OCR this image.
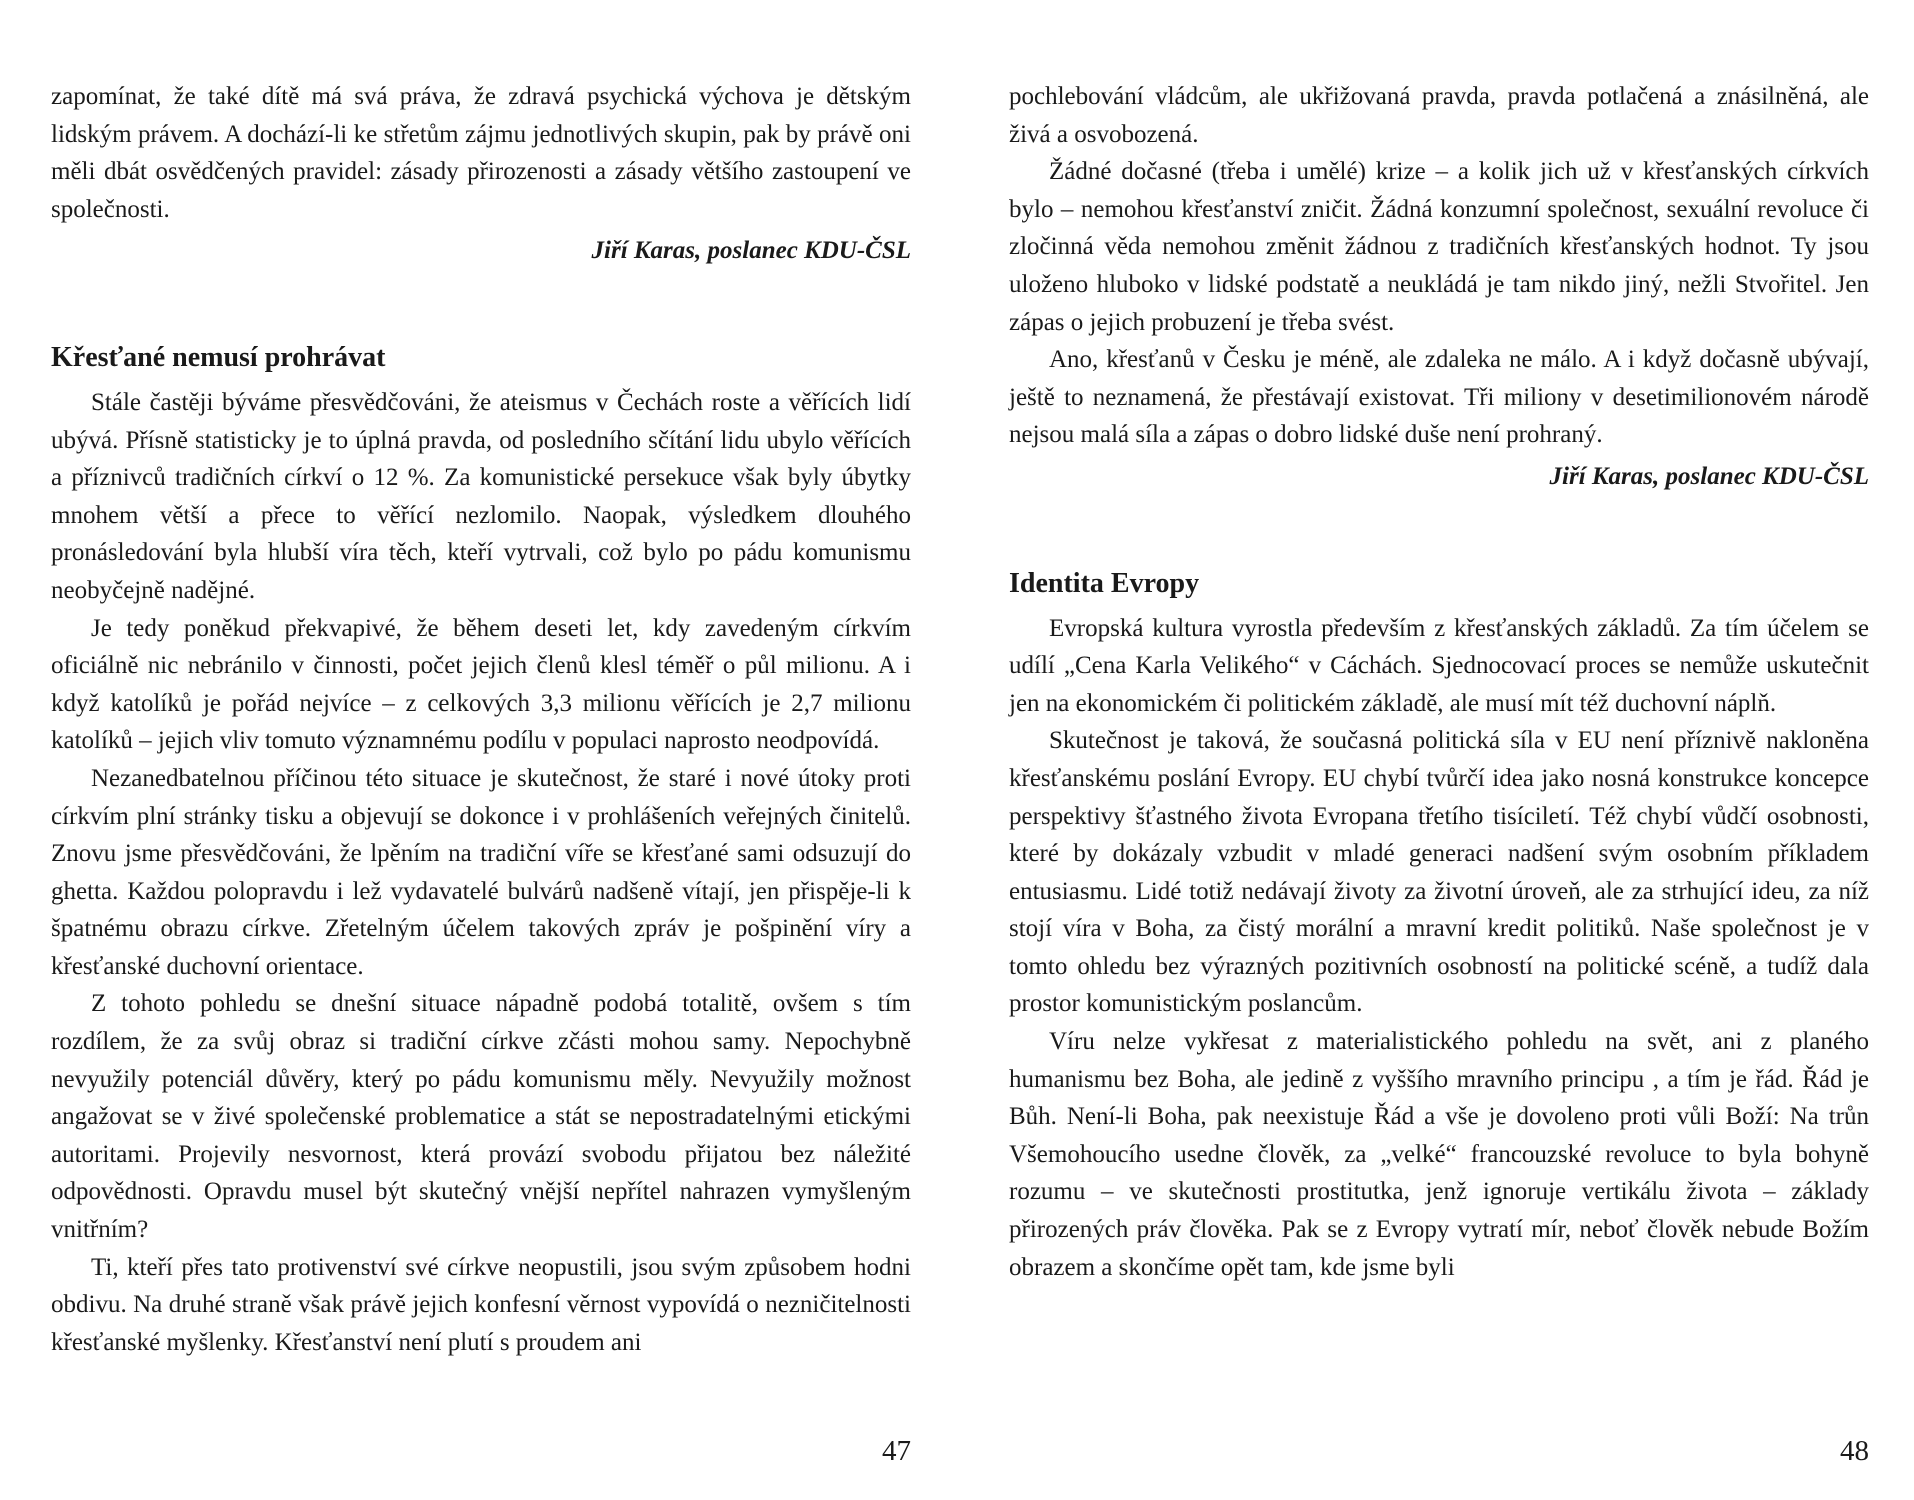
zapomínat, že také dítě má svá práva, že zdravá psychická výchova je dětským lidským právem. A dochází-li ke střetům zájmu jednotlivých skupin, pak by právě oni měli dbát osvědčených pravidel: zásady přirozenosti a zásady většího zastoupení ve společnosti.

Jiří Karas, poslanec KDU-ČSL

Křesťané nemusí prohrávat

Stále častěji býváme přesvědčováni, že ateismus v Čechách roste a věřících lidí ubývá. Přísně statisticky je to úplná pravda, od posledního sčítání lidu ubylo věřících a příznivců tradičních církví o 12 %. Za komunistické persekuce však byly úbytky mnohem větší a přece to věřící nezlomilo. Naopak, výsledkem dlouhého pronásledování byla hlubší víra těch, kteří vytrvali, což bylo po pádu komunismu neobyčejně nadějné.

Je tedy poněkud překvapivé, že během deseti let, kdy zavedeným církvím oficiálně nic nebránilo v činnosti, počet jejich členů klesl téměř o půl milionu. A i když katolíků je pořád nejvíce – z celkových 3,3 milionu věřících je 2,7 milionu katolíků – jejich vliv tomuto významnému podílu v populaci naprosto neodpovídá.

Nezanedbatelnou příčinou této situace je skutečnost, že staré i nové útoky proti církvím plní stránky tisku a objevují se dokonce i v prohlášeních veřejných činitelů. Znovu jsme přesvědčováni, že lpěním na tradiční víře se křesťané sami odsuzují do ghetta. Každou polopravdu i lež vydavatelé bulvárů nadšeně vítají, jen přispěje-li k špatnému obrazu církve. Zřetelným účelem takových zpráv je pošpinění víry a křesťanské duchovní orientace.

Z tohoto pohledu se dnešní situace nápadně podobá totalitě, ovšem s tím rozdílem, že za svůj obraz si tradiční církve zčásti mohou samy. Nepochybně nevyužily potenciál důvěry, který po pádu komunismu měly. Nevyužily možnost angažovat se v živé společenské problematice a stát se nepostradatelnými etickými autoritami. Projevily nesvornost, která provází svobodu přijatou bez náležité odpovědnosti. Opravdu musel být skutečný vnější nepřítel nahrazen vymyšleným vnitřním?

Ti, kteří přes tato protivenství své církve neopustili, jsou svým způsobem hodni obdivu. Na druhé straně však právě jejich konfesní věrnost vypovídá o nezničitelnosti křesťanské myšlenky. Křesťanství není plutí s proudem ani

47

pochlebování vládcům, ale ukřižovaná pravda, pravda potlačená a znásilněná, ale živá a osvobozená.

Žádné dočasné (třeba i umělé) krize – a kolik jich už v křesťanských církvích bylo – nemohou křesťanství zničit. Žádná konzumní společnost, sexuální revoluce či zločinná věda nemohou změnit žádnou z tradičních křesťanských hodnot. Ty jsou uloženo hluboko v lidské podstatě a neukládá je tam nikdo jiný, nežli Stvořitel. Jen zápas o jejich probuzení je třeba svést.

Ano, křesťanů v Česku je méně, ale zdaleka ne málo. A i když dočasně ubývají, ještě to neznamená, že přestávají existovat. Tři miliony v desetimilionovém národě nejsou malá síla a zápas o dobro lidské duše není prohraný.

Jiří Karas, poslanec KDU-ČSL

Identita Evropy

Evropská kultura vyrostla především z křesťanských základů. Za tím účelem se udílí „Cena Karla Velikého“ v Cáchách. Sjednocovací proces se nemůže uskutečnit jen na ekonomickém či politickém základě, ale musí mít též duchovní náplň.

Skutečnost je taková, že současná politická síla v EU není příznivě nakloněna křesťanskému poslání Evropy. EU chybí tvůrčí idea jako nosná konstrukce koncepce perspektivy šťastného života Evropana třetího tisíciletí. Též chybí vůdčí osobnosti, které by dokázaly vzbudit v mladé generaci nadšení svým osobním příkladem entusiasmu. Lidé totiž nedávají životy za životní úroveň, ale za strhující ideu, za níž stojí víra v Boha, za čistý morální a mravní kredit politiků. Naše společnost je v tomto ohledu bez výrazných pozitivních osobností na politické scéně, a tudíž dala prostor komunistickým poslancům.

Víru nelze vykřesat z materialistického pohledu na svět, ani z planého humanismu bez Boha, ale jedině z vyššího mravního principu , a tím je řád. Řád je Bůh. Není-li Boha, pak neexistuje Řád a vše je dovoleno proti vůli Boží: Na trůn Všemohoucího usedne člověk, za „velké“ francouzské revoluce to byla bohyně rozumu – ve skutečnosti prostitutka, jenž ignoruje vertikálu života – základy přirozených práv člověka. Pak se z Evropy vytratí mír, neboť člověk nebude Božím obrazem a skončíme opět tam, kde jsme byli

48
